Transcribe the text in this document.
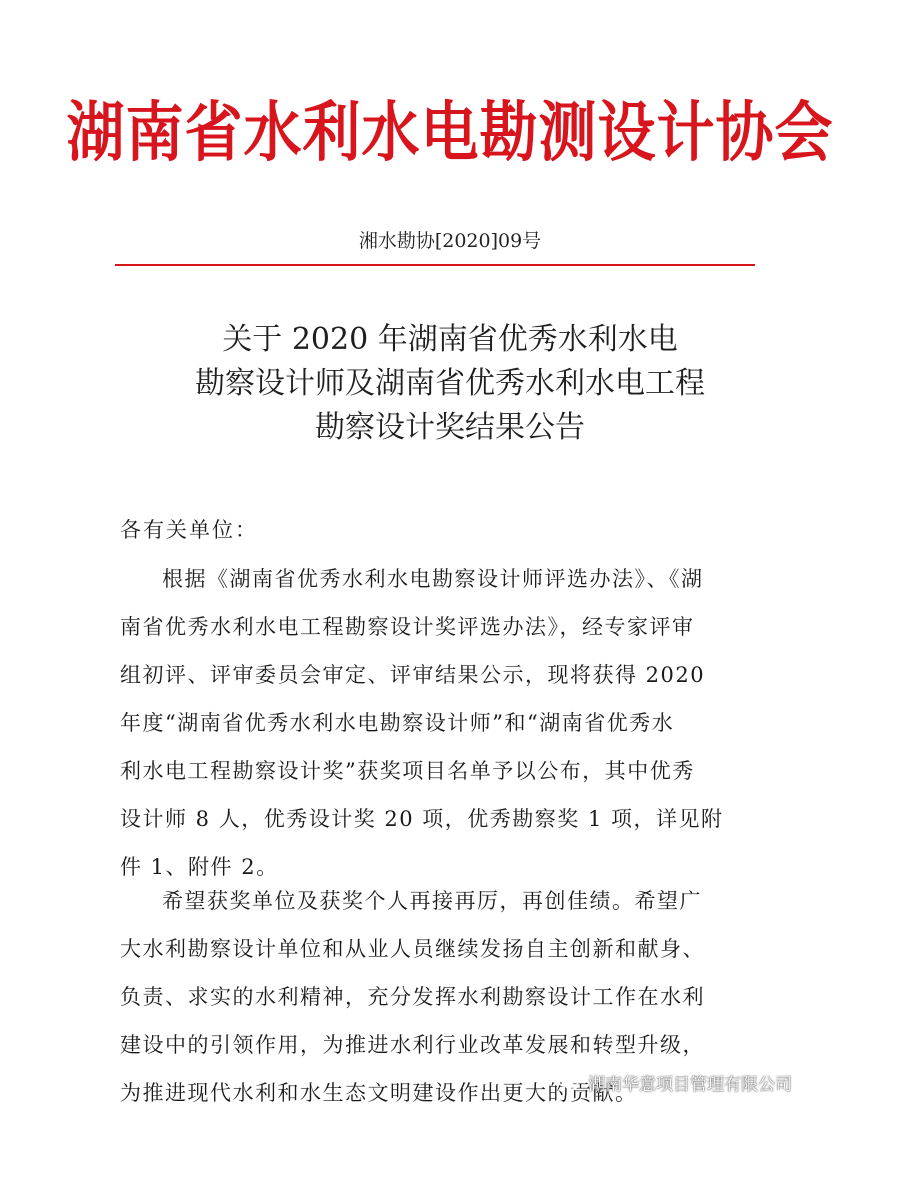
湖南省水利水电勘测设计协会
湘水勘协[2020]09号
关于 2020 年湖南省优秀水利水电
勘察设计师及湖南省优秀水利水电工程
勘察设计奖结果公告
各有关单位：
根据《湖南省优秀水利水电勘察设计师评选办法》、《湖
南省优秀水利水电工程勘察设计奖评选办法》，经专家评审
组初评、评审委员会审定、评审结果公示，现将获得 2020
年度“湖南省优秀水利水电勘察设计师”和“湖南省优秀水
利水电工程勘察设计奖”获奖项目名单予以公布，其中优秀
设计师 8 人，优秀设计奖 20 项，优秀勘察奖 1 项，详见附
件 1、附件 2。
希望获奖单位及获奖个人再接再厉，再创佳绩。希望广
大水利勘察设计单位和从业人员继续发扬自主创新和献身、
负责、求实的水利精神，充分发挥水利勘察设计工作在水利
建设中的引领作用，为推进水利行业改革发展和转型升级，
为推进现代水利和水生态文明建设作出更大的贡献。
湖南华意项目管理有限公司
